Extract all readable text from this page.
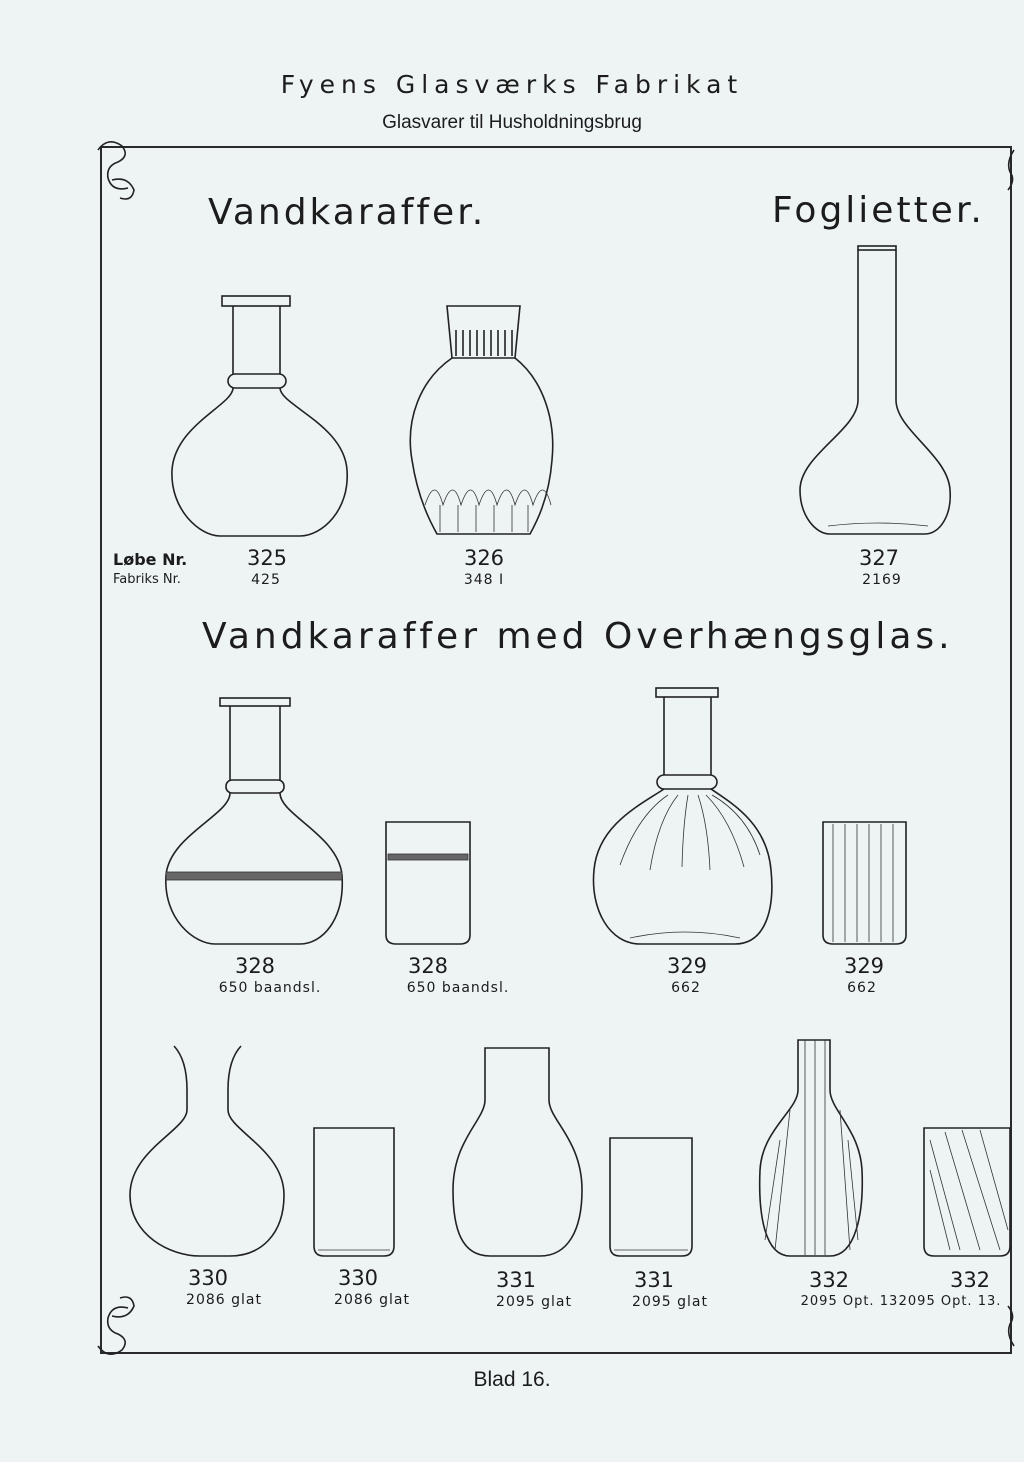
Fyens Glasværks Fabrikat
Glasvarer til Husholdningsbrug
Vandkaraffer.	Foglietter.
Vandkaraffer med Overhængsglas.
Løbe Nr.
Fabriks Nr.
325
425
326
348 I
327
2169
328
650 baandsl.
328
650 baandsl.
329
662
329
662
330
2086 glat
330
2086 glat
331
2095 glat
331
2095 glat
332
2095 Opt. 13.
332
2095 Opt. 13.
Blad 16.
